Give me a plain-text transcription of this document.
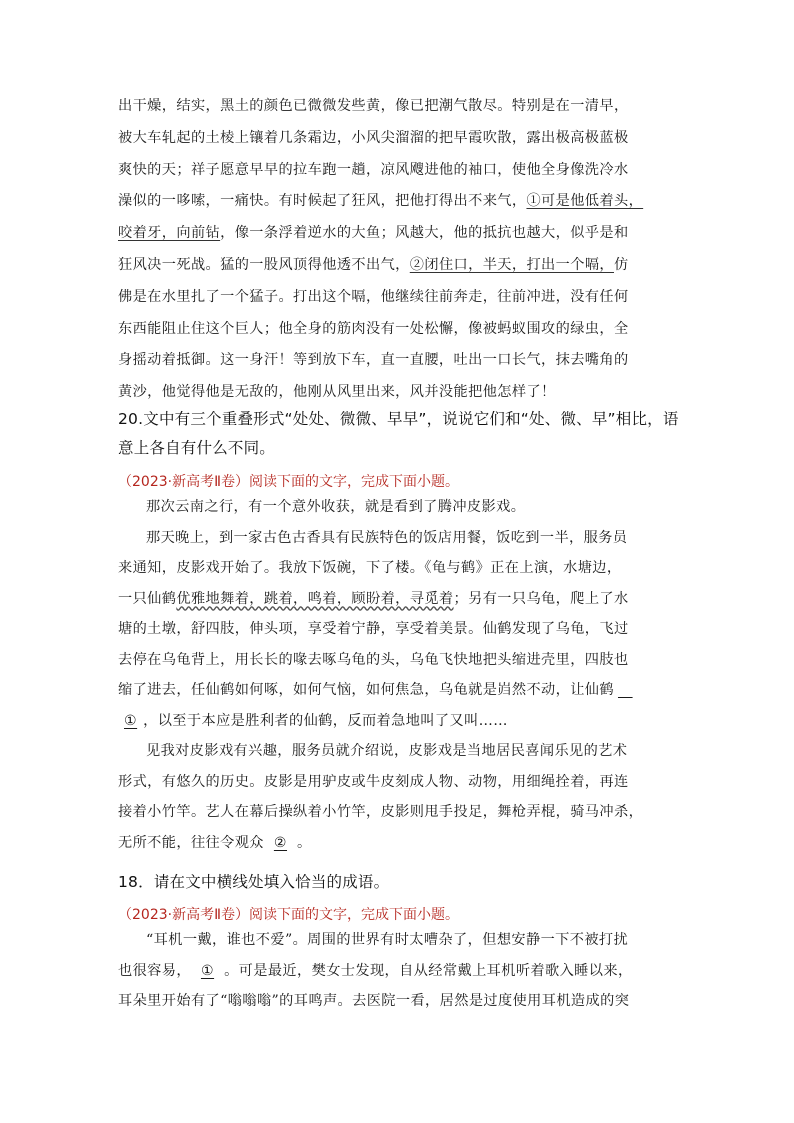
出干燥，结实，黑土的颜色已微微发些黄，像已把潮气散尽。特别是在一清早，
被大车轧起的土棱上镶着几条霜边，小风尖溜溜的把早霞吹散，露出极高极蓝极
爽快的天；祥子愿意早早的拉车跑一趟，凉风飕进他的袖口，使他全身像洗冷水
澡似的一哆嗦，一痛快。有时候起了狂风，把他打得出不来气，①可是他低着头，
咬着牙，向前钻，像一条浮着逆水的大鱼；风越大，他的抵抗也越大，似乎是和
狂风决一死战。猛的一股风顶得他透不出气，②闭住口，半天，打出一个嗝，仿
佛是在水里扎了一个猛子。打出这个嗝，他继续往前奔走，往前冲进，没有任何
东西能阻止住这个巨人；他全身的筋肉没有一处松懈，像被蚂蚁围攻的绿虫，全
身摇动着抵御。这一身汗！等到放下车，直一直腰，吐出一口长气，抹去嘴角的
黄沙，他觉得他是无敌的，他刚从风里出来，风并没能把他怎样了！
20.文中有三个重叠形式“处处、微微、早早”，说说它们和“处、微、早”相比，语
意上各自有什么不同。
（2023·新高考Ⅱ卷）阅读下面的文字，完成下面小题。
那次云南之行，有一个意外收获，就是看到了腾冲皮影戏。
那天晚上，到一家古色古香具有民族特色的饭店用餐，饭吃到一半，服务员
来通知，皮影戏开始了。我放下饭碗，下了楼。《龟与鹤》正在上演，水塘边，
一只仙鹤优雅地舞着，跳着，鸣着，顾盼着，寻觅着；另有一只乌龟，爬上了水
塘的土墩，舒四肢，伸头项，享受着宁静，享受着美景。仙鹤发现了乌龟，飞过
去停在乌龟背上，用长长的喙去啄乌龟的头，乌龟飞快地把头缩进壳里，四肢也
缩了进去，任仙鹤如何啄，如何气恼，如何焦急，乌龟就是岿然不动，让仙鹤 
① ，以至于本应是胜利者的仙鹤，反而着急地叫了又叫……
见我对皮影戏有兴趣，服务员就介绍说，皮影戏是当地居民喜闻乐见的艺术
形式，有悠久的历史。皮影是用驴皮或牛皮刻成人物、动物，用细绳拴着，再连
接着小竹竿。艺人在幕后操纵着小竹竿，皮影则甩手投足，舞枪弄棍，骑马冲杀，
无所不能，往往令观众 ② 。
18．请在文中横线处填入恰当的成语。
（2023·新高考Ⅱ卷）阅读下面的文字，完成下面小题。
“耳机一戴，谁也不爱”。周围的世界有时太嘈杂了，但想安静一下不被打扰
也很容易， ① 。可是最近，樊女士发现，自从经常戴上耳机听着歌入睡以来，
耳朵里开始有了“嗡嗡嗡”的耳鸣声。去医院一看，居然是过度使用耳机造成的突
